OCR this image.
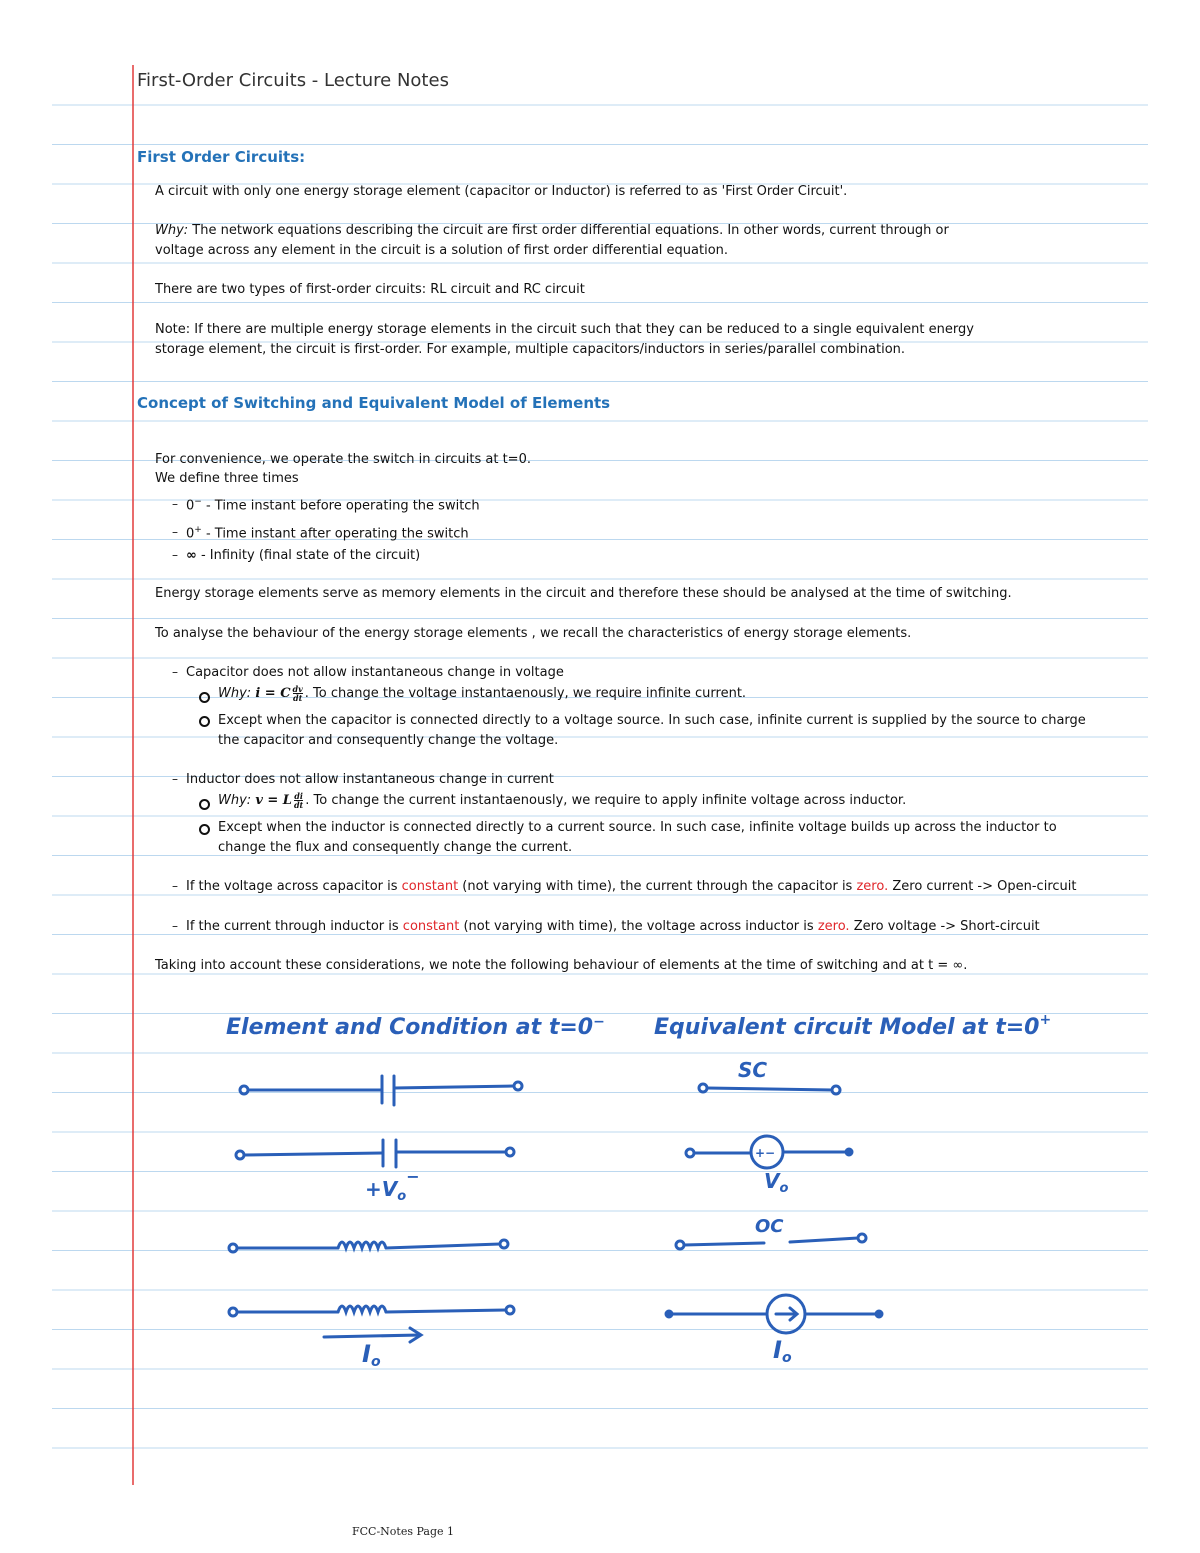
First-Order Circuits - Lecture Notes
First Order Circuits:
A circuit with only one energy storage element (capacitor or Inductor) is referred to as 'First Order Circuit'.
Why: The network equations describing the circuit are first order differential equations. In other words, current through or
voltage across any element in the circuit is a solution of first order differential equation.
There are two types of first-order circuits: RL circuit and RC circuit
Note: If there are multiple energy storage elements in the circuit such that they can be reduced to a single equivalent energy
storage element, the circuit is first-order. For example, multiple capacitors/inductors in series/parallel combination.
Concept of Switching and Equivalent Model of Elements
For convenience, we operate the switch in circuits at t=0.
We define three times
– 0− - Time instant before operating the switch
– 0+ - Time instant after operating the switch
– ∞ - Infinity (final state of the circuit)
Energy storage elements serve as memory elements in the circuit and therefore these should be analysed at the time of switching.
To analyse the behaviour of the energy storage elements , we recall the characteristics of energy storage elements.
– Capacitor does not allow instantaneous change in voltage
Why: i = C $\frac{dv}{dt}$ . To change the voltage instantaenously, we require infinite current.
Except when the capacitor is connected directly to a voltage source. In such case, infinite current is supplied by the source to charge
the capacitor and consequently change the voltage.
– Inductor does not allow instantaneous change in current
Why: v = L $\frac{di}{dt}$ . To change the current instantaenously, we require to apply infinite voltage across inductor.
Except when the inductor is connected directly to a current source. In such case, infinite voltage builds up across the inductor to
change the flux and consequently change the current.
– If the voltage across capacitor is constant (not varying with time), the current through the capacitor is zero. Zero current -> Open-circuit
– If the current through inductor is constant (not varying with time), the voltage across inductor is zero. Zero voltage -> Short-circuit
Taking into account these considerations, we note the following behaviour of elements at the time of switching and at t = ∞.
Element and Condition at t=0− Equivalent circuit Model at t=0+
SC
$+V_o^-$
+−
$V_o$
OC
Io	Io
FCC-Notes Page 1
